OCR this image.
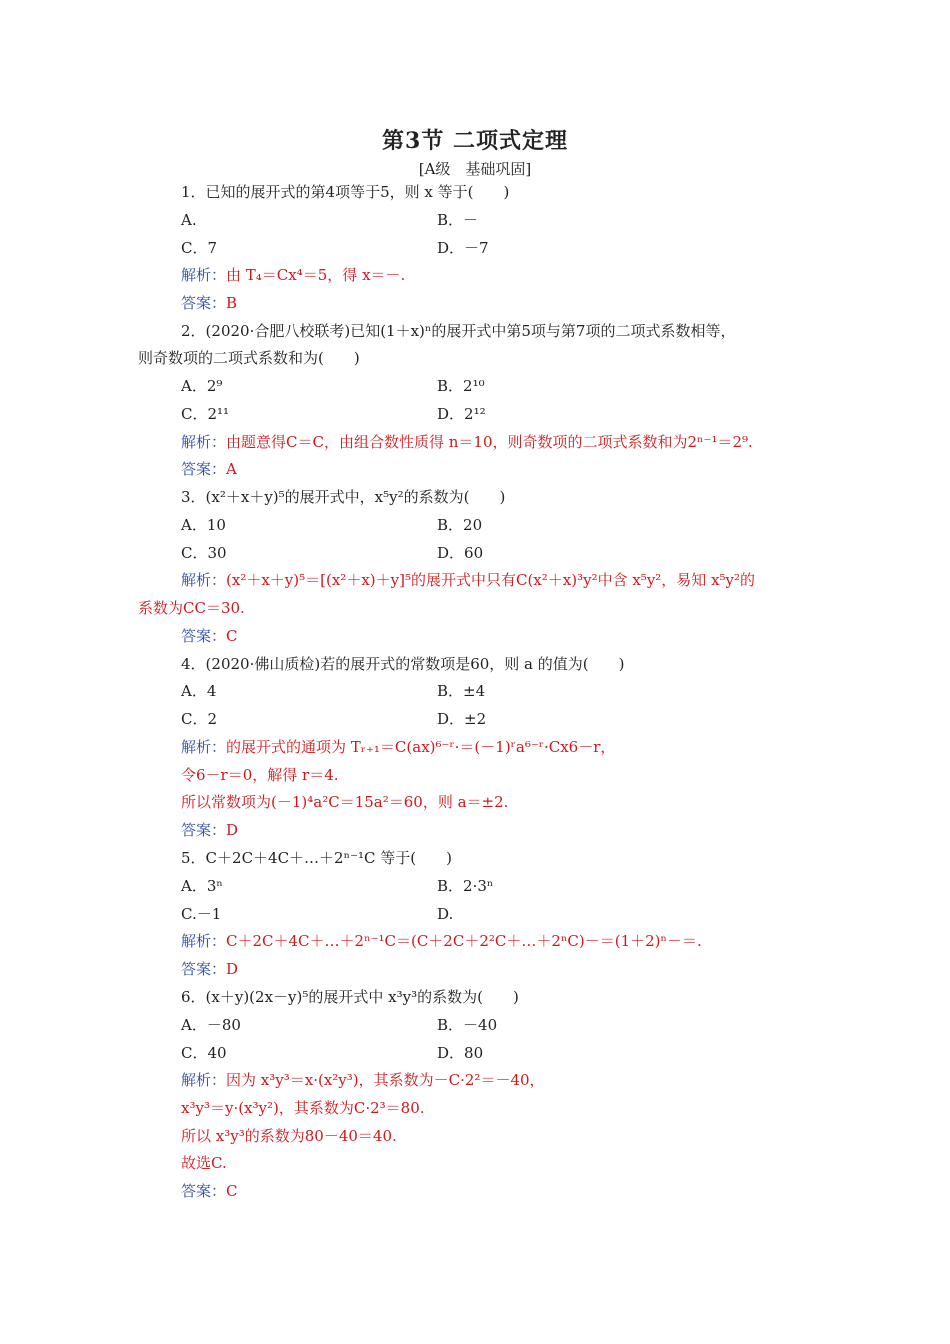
第3节 二项式定理
[A级　基础巩固]
1．已知的展开式的第4项等于5，则 x 等于(　　)
A.	B．－
C．7	D．－7
解析：由 T₄＝Cx⁴＝5，得 x＝－.
答案：B
2．(2020·合肥八校联考)已知(1＋x)ⁿ的展开式中第5项与第7项的二项式系数相等，
则奇数项的二项式系数和为(　　)
A．2⁹	B．2¹⁰
C．2¹¹	D．2¹²
解析：由题意得C＝C，由组合数性质得 n＝10，则奇数项的二项式系数和为2ⁿ⁻¹＝2⁹.
答案：A
3．(x²＋x＋y)⁵的展开式中，x⁵y²的系数为(　　)
A．10	B．20
C．30	D．60
解析：(x²＋x＋y)⁵＝[(x²＋x)＋y]⁵的展开式中只有C(x²＋x)³y²中含 x⁵y²，易知 x⁵y²的
系数为CC＝30.
答案：C
4．(2020·佛山质检)若的展开式的常数项是60，则 a 的值为(　　)
A．4	B．±4
C．2	D．±2
解析：的展开式的通项为 Tᵣ₊₁＝C(ax)⁶⁻ʳ·＝(－1)ʳa⁶⁻ʳ·Cx6－r，
令6－r＝0，解得 r＝4.
所以常数项为(－1)⁴a²C＝15a²＝60，则 a＝±2.
答案：D
5．C＋2C＋4C＋…＋2ⁿ⁻¹C 等于(　　)
A．3ⁿ	B．2·3ⁿ
C.－1	D.
解析：C＋2C＋4C＋…＋2ⁿ⁻¹C＝(C＋2C＋2²C＋…＋2ⁿC)－＝(1＋2)ⁿ－＝.
答案：D
6．(x＋y)(2x－y)⁵的展开式中 x³y³的系数为(　　)
A．－80	B．－40
C．40	D．80
解析：因为 x³y³＝x·(x²y³)，其系数为－C·2²＝－40，
x³y³＝y·(x³y²)，其系数为C·2³＝80.
所以 x³y³的系数为80－40＝40.
故选C.
答案：C
